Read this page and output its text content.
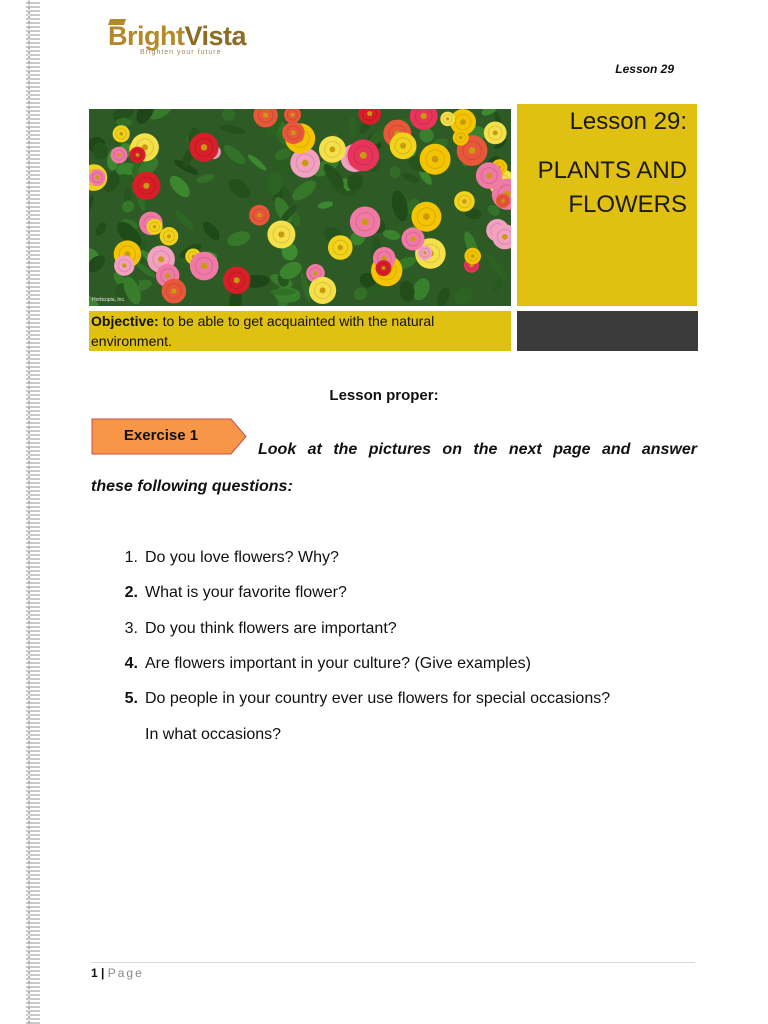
BrightVista
Brighten your future
Lesson 29
Horticopia, Inc.
Lesson 29:
PLANTS AND FLOWERS
Objective: to be able to get acquainted with the natural environment.
Lesson proper:
Exercise 1
Look at the pictures on the next page and answer
these following questions:
1. Do you love flowers? Why?
2. What is your favorite flower?
3. Do you think flowers are important?
4. Are flowers important in your culture? (Give examples)
5. Do people in your country ever use flowers for special occasions?
In what occasions?
1 | Page
